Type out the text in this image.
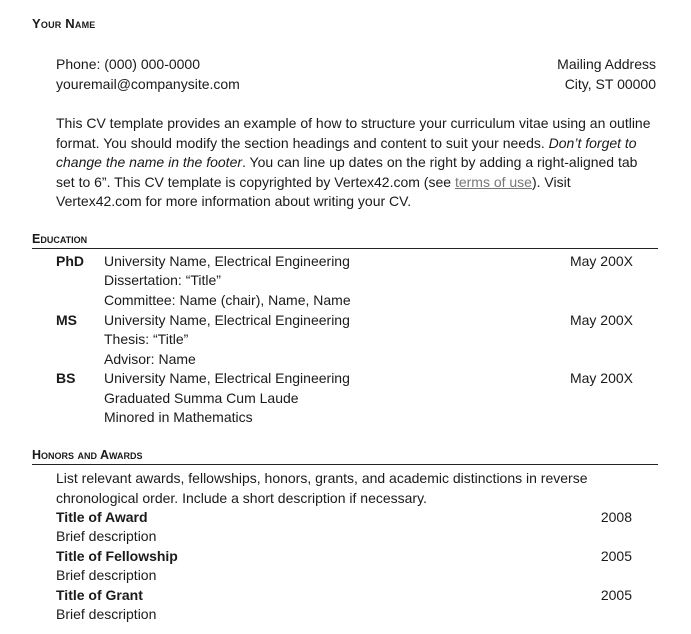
Your Name
Phone: (000) 000-0000
youremail@companysite.com
Mailing Address
City, ST 00000
This CV template provides an example of how to structure your curriculum vitae using an outline format. You should modify the section headings and content to suit your needs. Don’t forget to change the name in the footer. You can line up dates on the right by adding a right-aligned tab set to 6”. This CV template is copyrighted by Vertex42.com (see terms of use). Visit Vertex42.com for more information about writing your CV.
Education
PhD University Name, Electrical Engineering	May 200X
Dissertation: “Title”
Committee: Name (chair), Name, Name
MS University Name, Electrical Engineering	May 200X
Thesis: “Title”
Advisor: Name
BS University Name, Electrical Engineering	May 200X
Graduated Summa Cum Laude
Minored in Mathematics
Honors and Awards
List relevant awards, fellowships, honors, grants, and academic distinctions in reverse chronological order. Include a short description if necessary.
Title of Award	2008
Brief description
Title of Fellowship	2005
Brief description
Title of Grant	2005
Brief description
